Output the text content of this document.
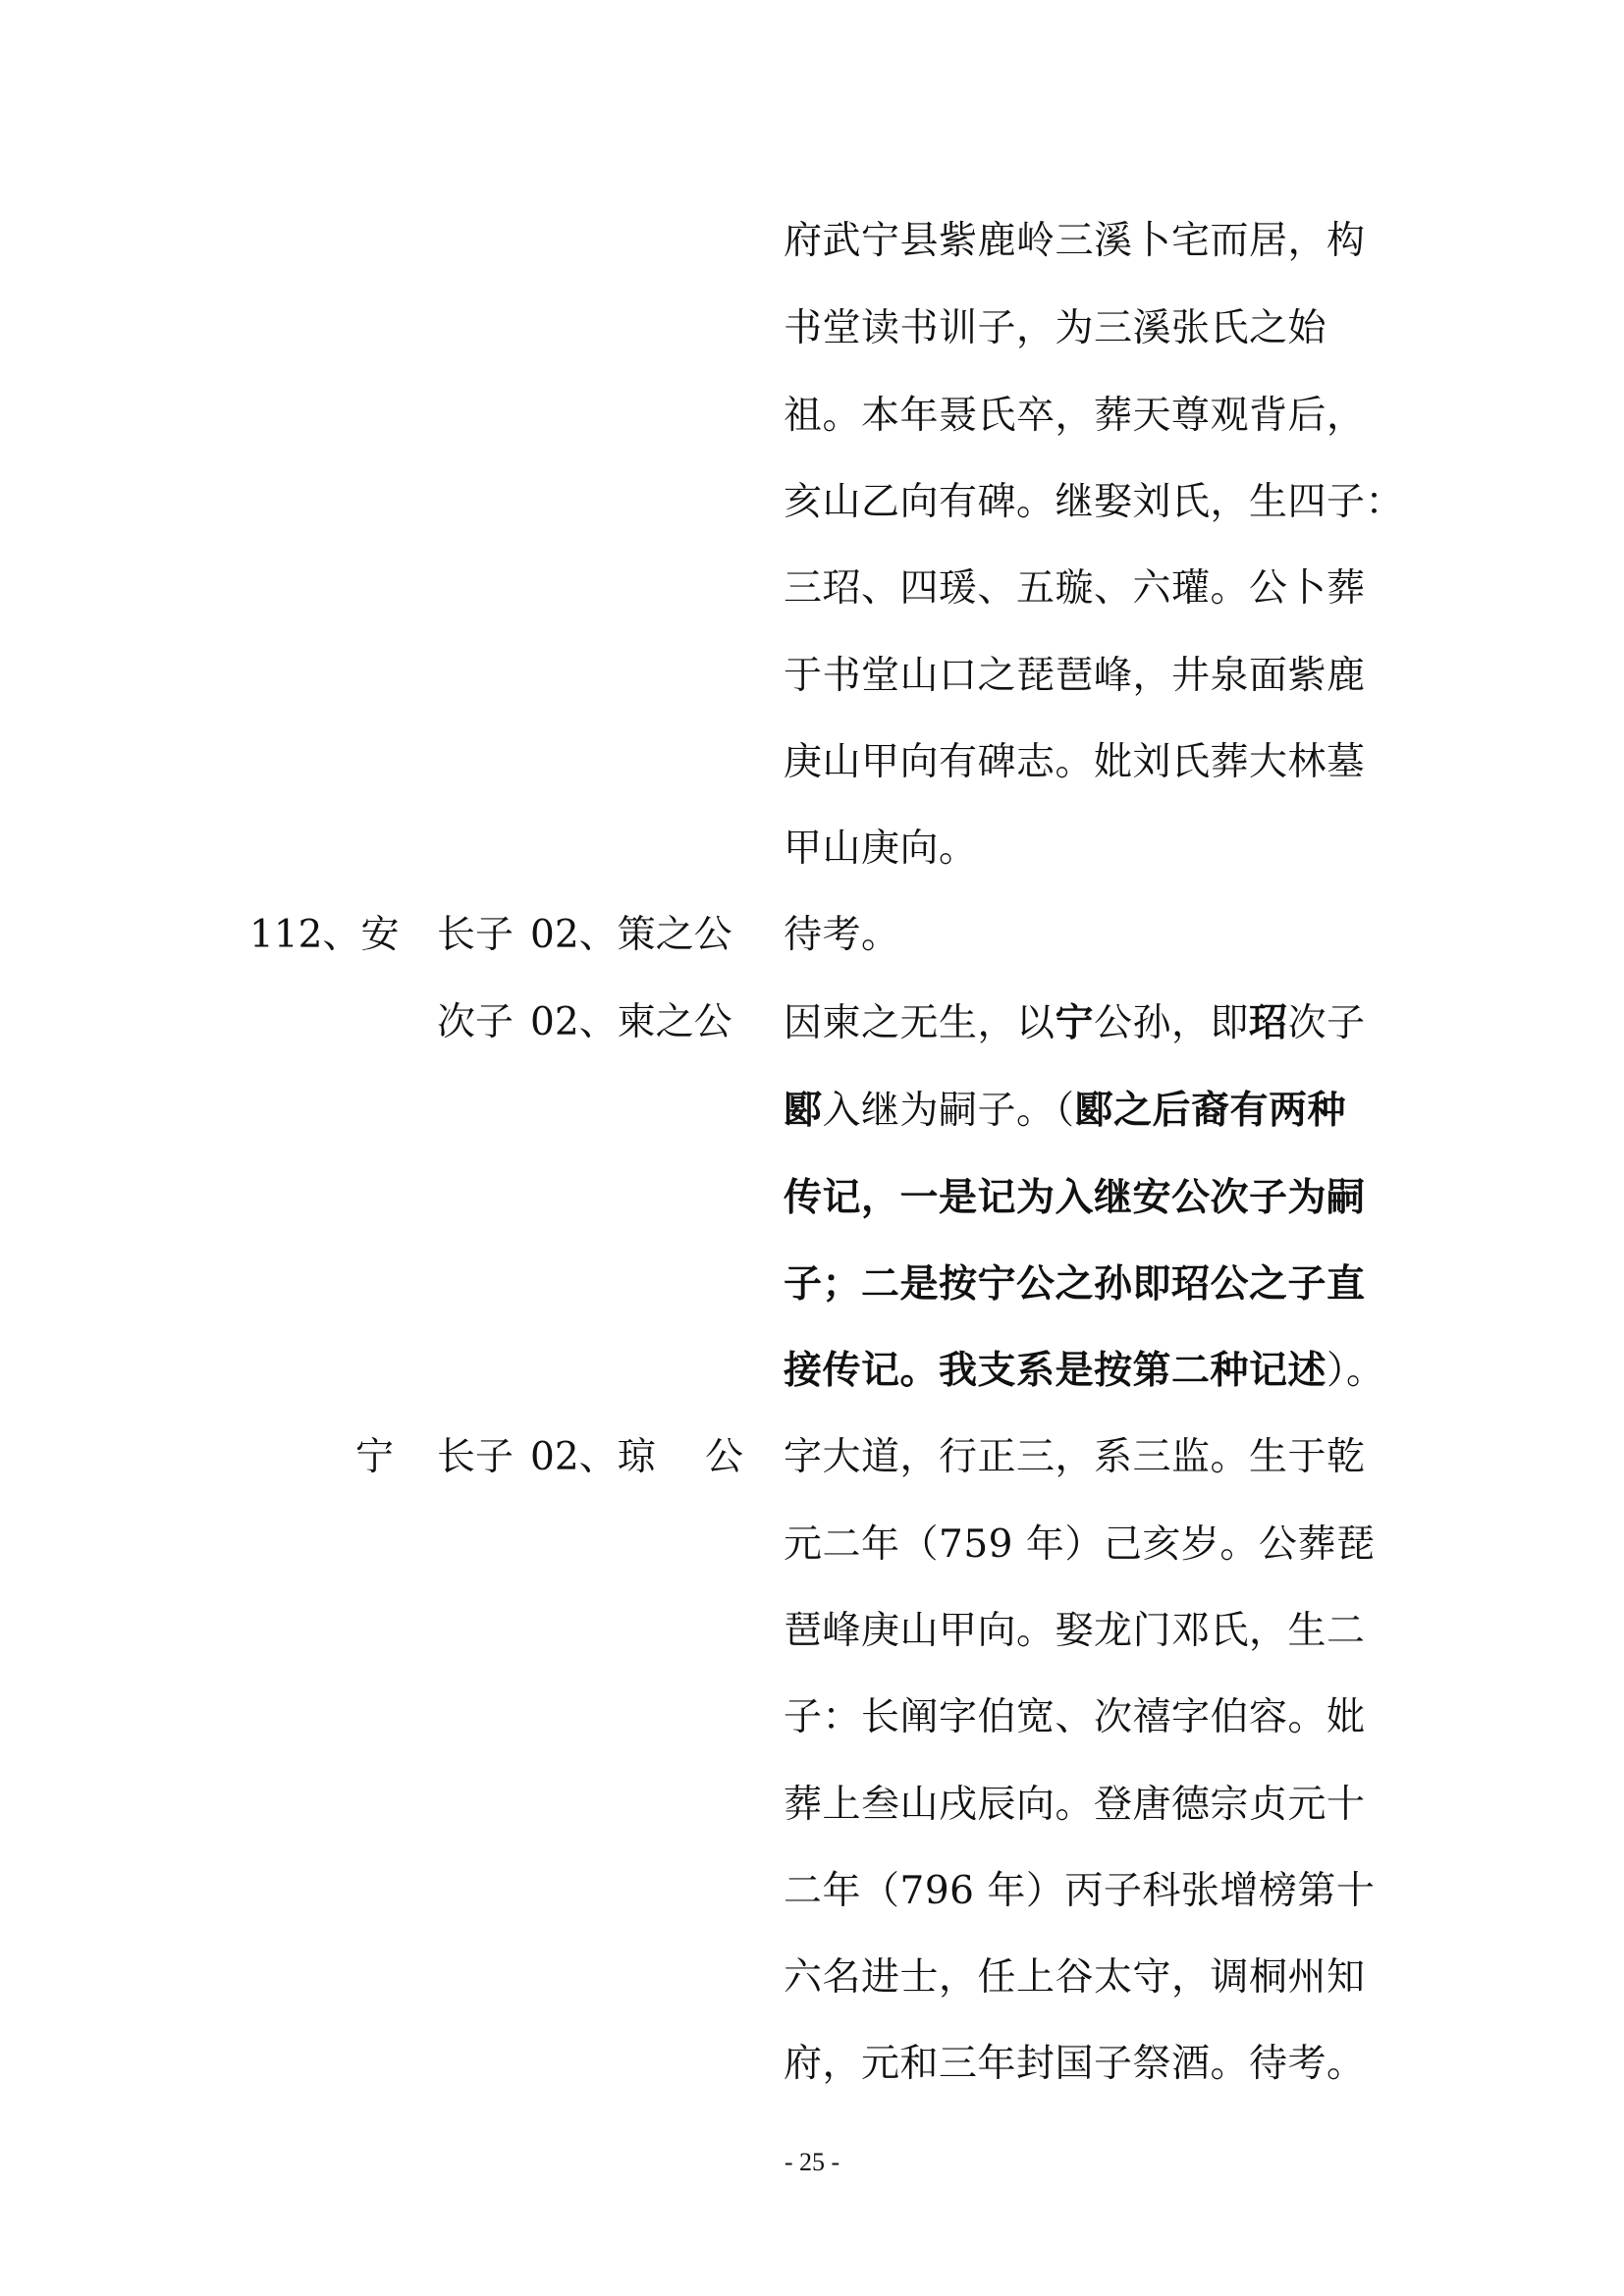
府武宁县紫鹿岭三溪卜宅而居，构
书堂读书训子，为三溪张氏之始
祖。本年聂氏卒，葬天尊观背后，
亥山乙向有碑。继娶刘氏，生四子：
三玿、四瑗、五璇、六瓘。公卜葬
于书堂山口之琵琶峰，井泉面紫鹿
庚山甲向有碑志。妣刘氏葬大林墓
甲山庚向。
112、安 长子 02、策之公 待考。
次子 02、柬之公 因柬之无生，以宁公孙，即玿次子
郾入继为嗣子。（郾之后裔有两种
传记，一是记为入继安公次子为嗣
子；二是按宁公之孙即玿公之子直
接传记。我支系是按第二种记述）。
宁 长子 02、琼 公 字大道，行正三，系三监。生于乾
元二年（759 年）己亥岁。公葬琵
琶峰庚山甲向。娶龙门邓氏，生二
子：长阐字伯宽、次禧字伯容。妣
葬上叁山戌辰向。登唐德宗贞元十
二年（796 年）丙子科张增榜第十
六名进士，任上谷太守，调桐州知
府，元和三年封国子祭酒。待考。
- 25 -
